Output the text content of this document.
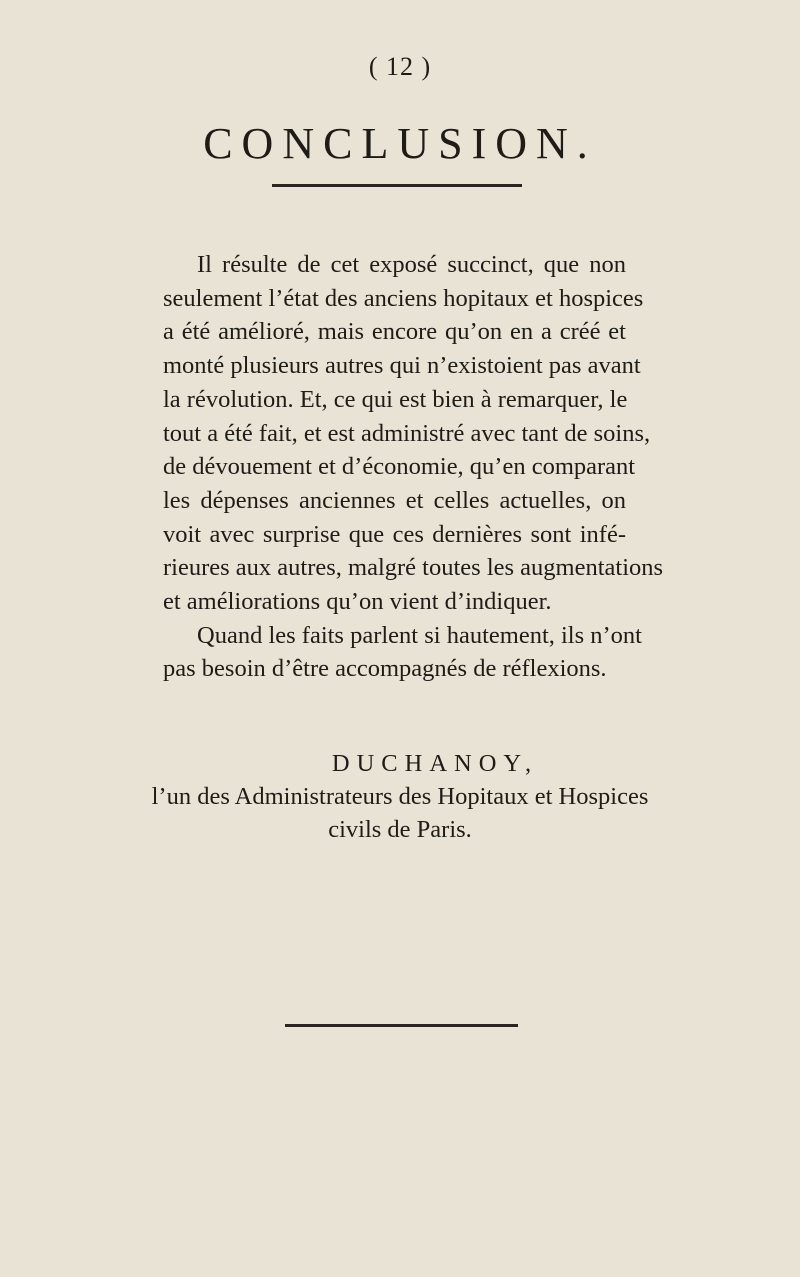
( 12 )
CONCLUSION.
Il résulte de cet exposé succinct, que non
seulement l’état des anciens hopitaux et hospices
a été amélioré, mais encore qu’on en a créé et
monté plusieurs autres qui n’existoient pas avant
la révolution. Et, ce qui est bien à remarquer, le
tout a été fait, et est administré avec tant de soins,
de dévouement et d’économie, qu’en comparant
les dépenses anciennes et celles actuelles, on
voit avec surprise que ces dernières sont infé-
rieures aux autres, malgré toutes les augmentations
et améliorations qu’on vient d’indiquer.
Quand les faits parlent si hautement, ils n’ont
pas besoin d’être accompagnés de réflexions.
DUCHANOY,
l’un des Administrateurs des Hopitaux et Hospices
civils de Paris.
